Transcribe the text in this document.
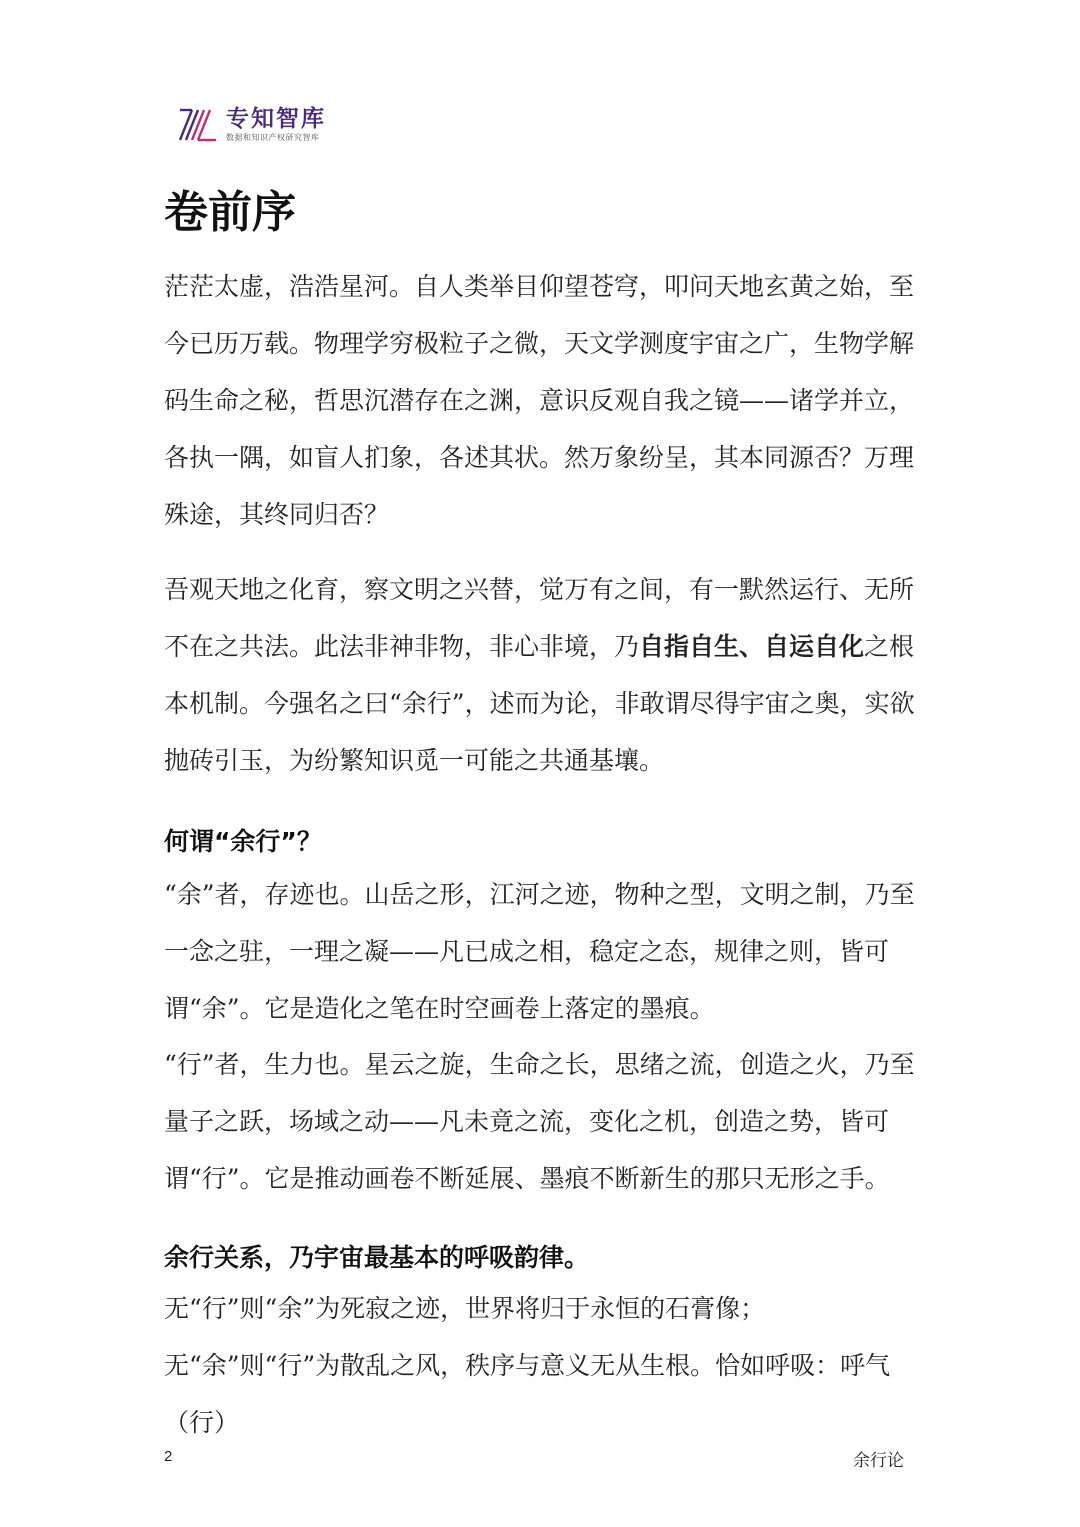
专知智库
数据和知识产权研究智库
卷前序

茫茫太虚，浩浩星河。自人类举目仰望苍穹，叩问天地玄黄之始，至今已历万载。物理学穷极粒子之微，天文学测度宇宙之广，生物学解码生命之秘，哲思沉潜存在之渊，意识反观自我之镜——诸学并立，各执一隅，如盲人扪象，各述其状。然万象纷呈，其本同源否？万理殊途，其终同归否？

吾观天地之化育，察文明之兴替，觉万有之间，有一默然运行、无所不在之共法。此法非神非物，非心非境，乃自指自生、自运自化之根本机制。今强名之曰“余行”，述而为论，非敢谓尽得宇宙之奥，实欲抛砖引玉，为纷繁知识觅一可能之共通基壤。

何谓“余行”？

“余”者，存迹也。山岳之形，江河之迹，物种之型，文明之制，乃至一念之驻，一理之凝——凡已成之相，稳定之态，规律之则，皆可谓“余”。它是造化之笔在时空画卷上落定的墨痕。

“行”者，生力也。星云之旋，生命之长，思绪之流，创造之火，乃至量子之跃，场域之动——凡未竟之流，变化之机，创造之势，皆可谓“行”。它是推动画卷不断延展、墨痕不断新生的那只无形之手。

余行关系，乃宇宙最基本的呼吸韵律。

无“行”则“余”为死寂之迹，世界将归于永恒的石膏像；无“余”则“行”为散乱之风，秩序与意义无从生根。恰如呼吸：呼气（行）

2	余行论
